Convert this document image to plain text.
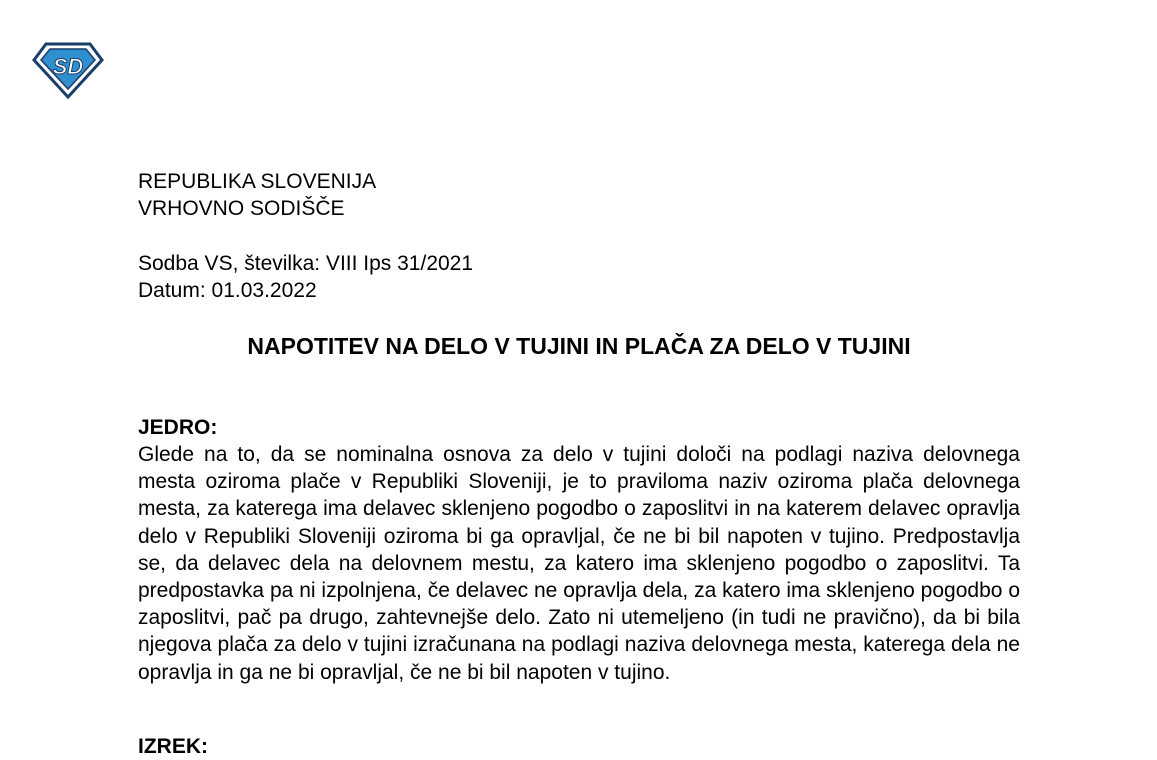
SD
REPUBLIKA SLOVENIJA
VRHOVNO SODIŠČE
Sodba VS, številka: VIII Ips 31/2021
Datum: 01.03.2022
NAPOTITEV NA DELO V TUJINI IN PLAČA ZA DELO V TUJINI
JEDRO:

Glede na to, da se nominalna osnova za delo v tujini določi na podlagi naziva delovnega mesta oziroma plače v Republiki Sloveniji, je to praviloma naziv oziroma plača delovnega mesta, za katerega ima delavec sklenjeno pogodbo o zaposlitvi in na katerem delavec opravlja delo v Republiki Sloveniji oziroma bi ga opravljal, če ne bi bil napoten v tujino. Predpostavlja se, da delavec dela na delovnem mestu, za katero ima sklenjeno pogodbo o zaposlitvi. Ta predpostavka pa ni izpolnjena, če delavec ne opravlja dela, za katero ima sklenjeno pogodbo o zaposlitvi, pač pa drugo, zahtevnejše delo. Zato ni utemeljeno (in tudi ne pravično), da bi bila njegova plača za delo v tujini izračunana na podlagi naziva delovnega mesta, katerega dela ne opravlja in ga ne bi opravljal, če ne bi bil napoten v tujino.

IZREK:
